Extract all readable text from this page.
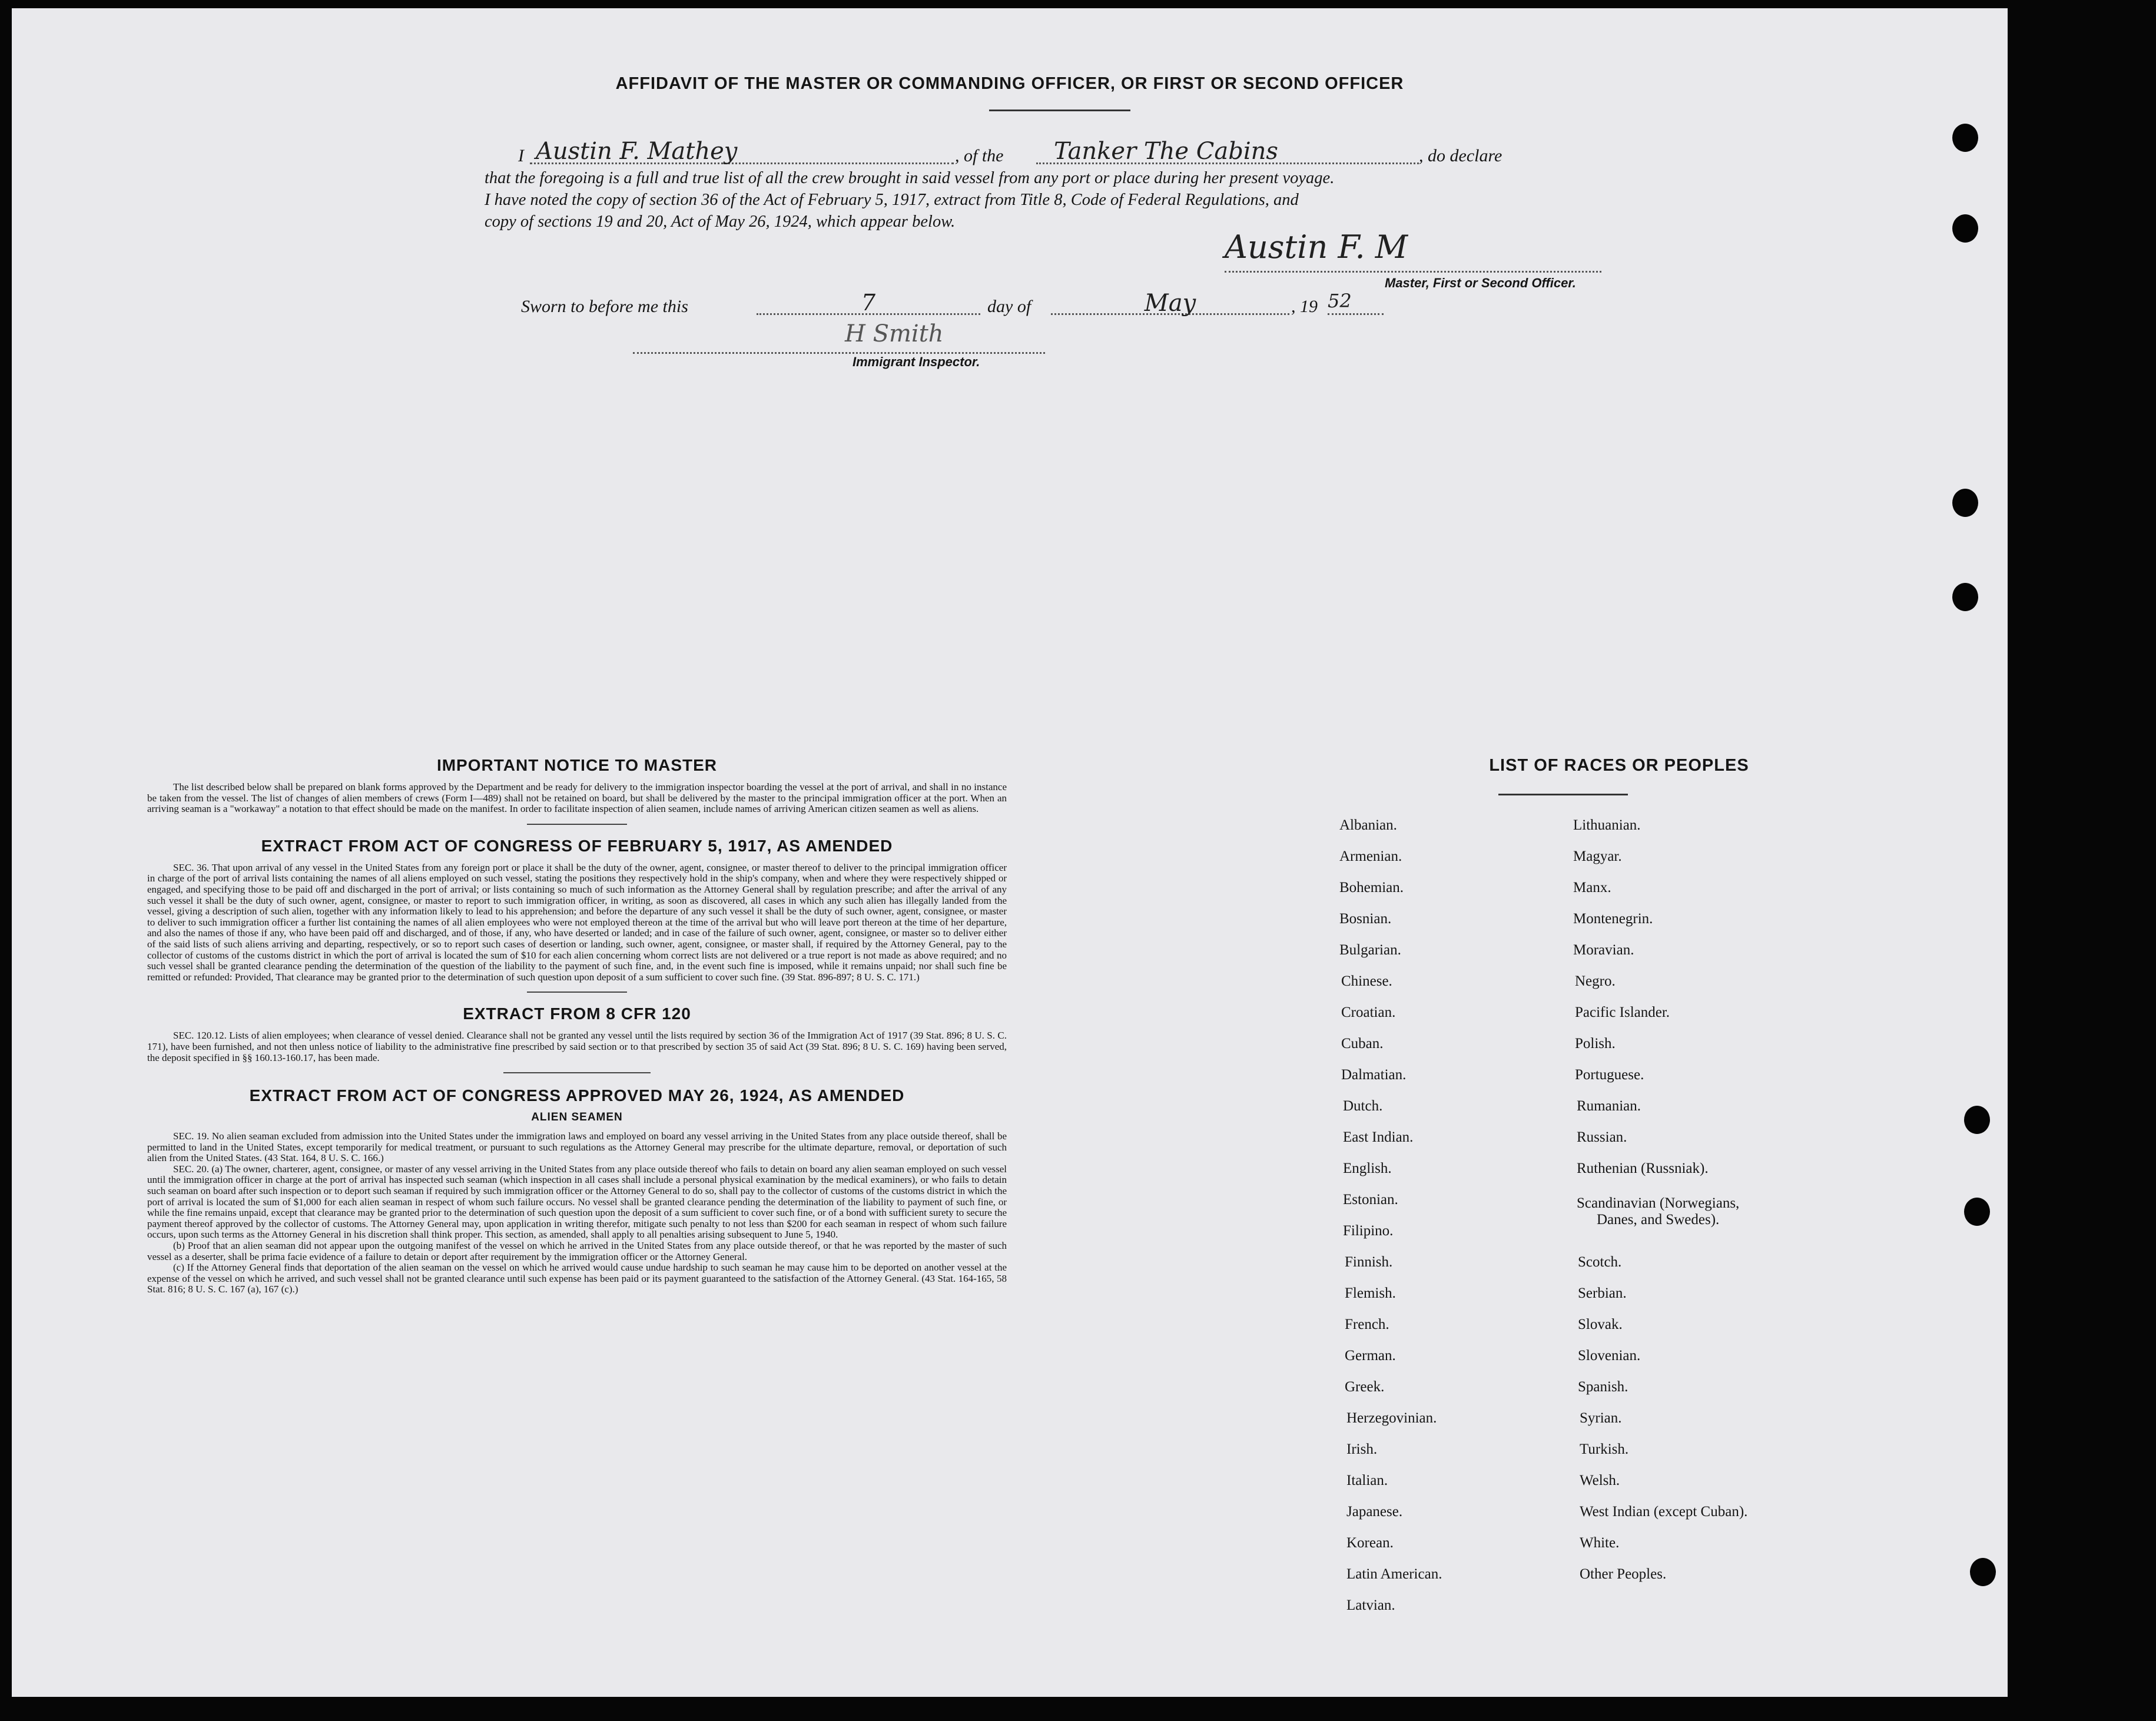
AFFIDAVIT OF THE MASTER OR COMMANDING OFFICER, OR FIRST OR SECOND OFFICER
I Austin F. Mathey	, of the	Tanker The Cabins	, do declare
that the foregoing is a full and true list of all the crew brought in said vessel from any port or place during her present voyage.
I have noted the copy of section 36 of the Act of February 5, 1917, extract from Title 8, Code of Federal Regulations, and
copy of sections 19 and 20, Act of May 26, 1924, which appear below.
Austin F. M
Master, First or Second Officer.
Sworn to before me this	7	day of	May	, 19 52
H Smith
Immigrant Inspector.
IMPORTANT NOTICE TO MASTER

The list described below shall be prepared on blank forms approved by the Department and be ready for delivery to the immigration inspector boarding the vessel at the port of arrival, and shall in no instance be taken from the vessel. The list of changes of alien members of crews (Form I—489) shall not be retained on board, but shall be delivered by the master to the principal immigration officer at the port. When an arriving seaman is a "workaway" a notation to that effect should be made on the manifest. In order to facilitate inspection of alien seamen, include names of arriving American citizen seamen as well as aliens.

EXTRACT FROM ACT OF CONGRESS OF FEBRUARY 5, 1917, AS AMENDED

SEC. 36. That upon arrival of any vessel in the United States from any foreign port or place it shall be the duty of the owner, agent, consignee, or master thereof to deliver to the principal immigration officer in charge of the port of arrival lists containing the names of all aliens employed on such vessel, stating the positions they respectively hold in the ship's company, when and where they were respectively shipped or engaged, and specifying those to be paid off and discharged in the port of arrival; or lists containing so much of such information as the Attorney General shall by regulation prescribe; and after the arrival of any such vessel it shall be the duty of such owner, agent, consignee, or master to report to such immigration officer, in writing, as soon as discovered, all cases in which any such alien has illegally landed from the vessel, giving a description of such alien, together with any information likely to lead to his apprehension; and before the departure of any such vessel it shall be the duty of such owner, agent, consignee, or master to deliver to such immigration officer a further list containing the names of all alien employees who were not employed thereon at the time of the arrival but who will leave port thereon at the time of her departure, and also the names of those if any, who have been paid off and discharged, and of those, if any, who have deserted or landed; and in case of the failure of such owner, agent, consignee, or master so to deliver either of the said lists of such aliens arriving and departing, respectively, or so to report such cases of desertion or landing, such owner, agent, consignee, or master shall, if required by the Attorney General, pay to the collector of customs of the customs district in which the port of arrival is located the sum of $10 for each alien concerning whom correct lists are not delivered or a true report is not made as above required; and no such vessel shall be granted clearance pending the determination of the question of the liability to the payment of such fine, and, in the event such fine is imposed, while it remains unpaid; nor shall such fine be remitted or refunded: Provided, That clearance may be granted prior to the determination of such question upon deposit of a sum sufficient to cover such fine. (39 Stat. 896-897; 8 U. S. C. 171.)

EXTRACT FROM 8 CFR 120

SEC. 120.12. Lists of alien employees; when clearance of vessel denied. Clearance shall not be granted any vessel until the lists required by section 36 of the Immigration Act of 1917 (39 Stat. 896; 8 U. S. C. 171), have been furnished, and not then unless notice of liability to the administrative fine prescribed by said section or to that prescribed by section 35 of said Act (39 Stat. 896; 8 U. S. C. 169) having been served, the deposit specified in §§ 160.13-160.17, has been made.

EXTRACT FROM ACT OF CONGRESS APPROVED MAY 26, 1924, AS AMENDED
ALIEN SEAMEN

SEC. 19. No alien seaman excluded from admission into the United States under the immigration laws and employed on board any vessel arriving in the United States from any place outside thereof, shall be permitted to land in the United States, except temporarily for medical treatment, or pursuant to such regulations as the Attorney General may prescribe for the ultimate departure, removal, or deportation of such alien from the United States. (43 Stat. 164, 8 U. S. C. 166.)

SEC. 20. (a) The owner, charterer, agent, consignee, or master of any vessel arriving in the United States from any place outside thereof who fails to detain on board any alien seaman employed on such vessel until the immigration officer in charge at the port of arrival has inspected such seaman (which inspection in all cases shall include a personal physical examination by the medical examiners), or who fails to detain such seaman on board after such inspection or to deport such seaman if required by such immigration officer or the Attorney General to do so, shall pay to the collector of customs of the customs district in which the port of arrival is located the sum of $1,000 for each alien seaman in respect of whom such failure occurs. No vessel shall be granted clearance pending the determination of the liability to payment of such fine, or while the fine remains unpaid, except that clearance may be granted prior to the determination of such question upon the deposit of a sum sufficient to cover such fine, or of a bond with sufficient surety to secure the payment thereof approved by the collector of customs. The Attorney General may, upon application in writing therefor, mitigate such penalty to not less than $200 for each seaman in respect of whom such failure occurs, upon such terms as the Attorney General in his discretion shall think proper. This section, as amended, shall apply to all penalties arising subsequent to June 5, 1940.

(b) Proof that an alien seaman did not appear upon the outgoing manifest of the vessel on which he arrived in the United States from any place outside thereof, or that he was reported by the master of such vessel as a deserter, shall be prima facie evidence of a failure to detain or deport after requirement by the immigration officer or the Attorney General.

(c) If the Attorney General finds that deportation of the alien seaman on the vessel on which he arrived would cause undue hardship to such seaman he may cause him to be deported on another vessel at the expense of the vessel on which he arrived, and such vessel shall not be granted clearance until such expense has been paid or its payment guaranteed to the satisfaction of the Attorney General. (43 Stat. 164-165, 58 Stat. 816; 8 U. S. C. 167 (a), 167 (c).)

LIST OF RACES OR PEOPLES
Albanian.
Armenian.
Bohemian.
Bosnian.
Bulgarian.
Chinese.
Croatian.
Cuban.
Dalmatian.
Dutch.
East Indian.
English.
Estonian.
Filipino.
Finnish.
Flemish.
French.
German.
Greek.
Herzegovinian.
Irish.
Italian.
Japanese.
Korean.
Latin American.
Latvian.
Lithuanian.
Magyar.
Manx.
Montenegrin.
Moravian.
Negro.
Pacific Islander.
Polish.
Portuguese.
Rumanian.
Russian.
Ruthenian (Russniak).
Scandinavian (Norwegians,
Danes, and Swedes).
Scotch.
Serbian.
Slovak.
Slovenian.
Spanish.
Syrian.
Turkish.
Welsh.
West Indian (except Cuban).
White.
Other Peoples.
